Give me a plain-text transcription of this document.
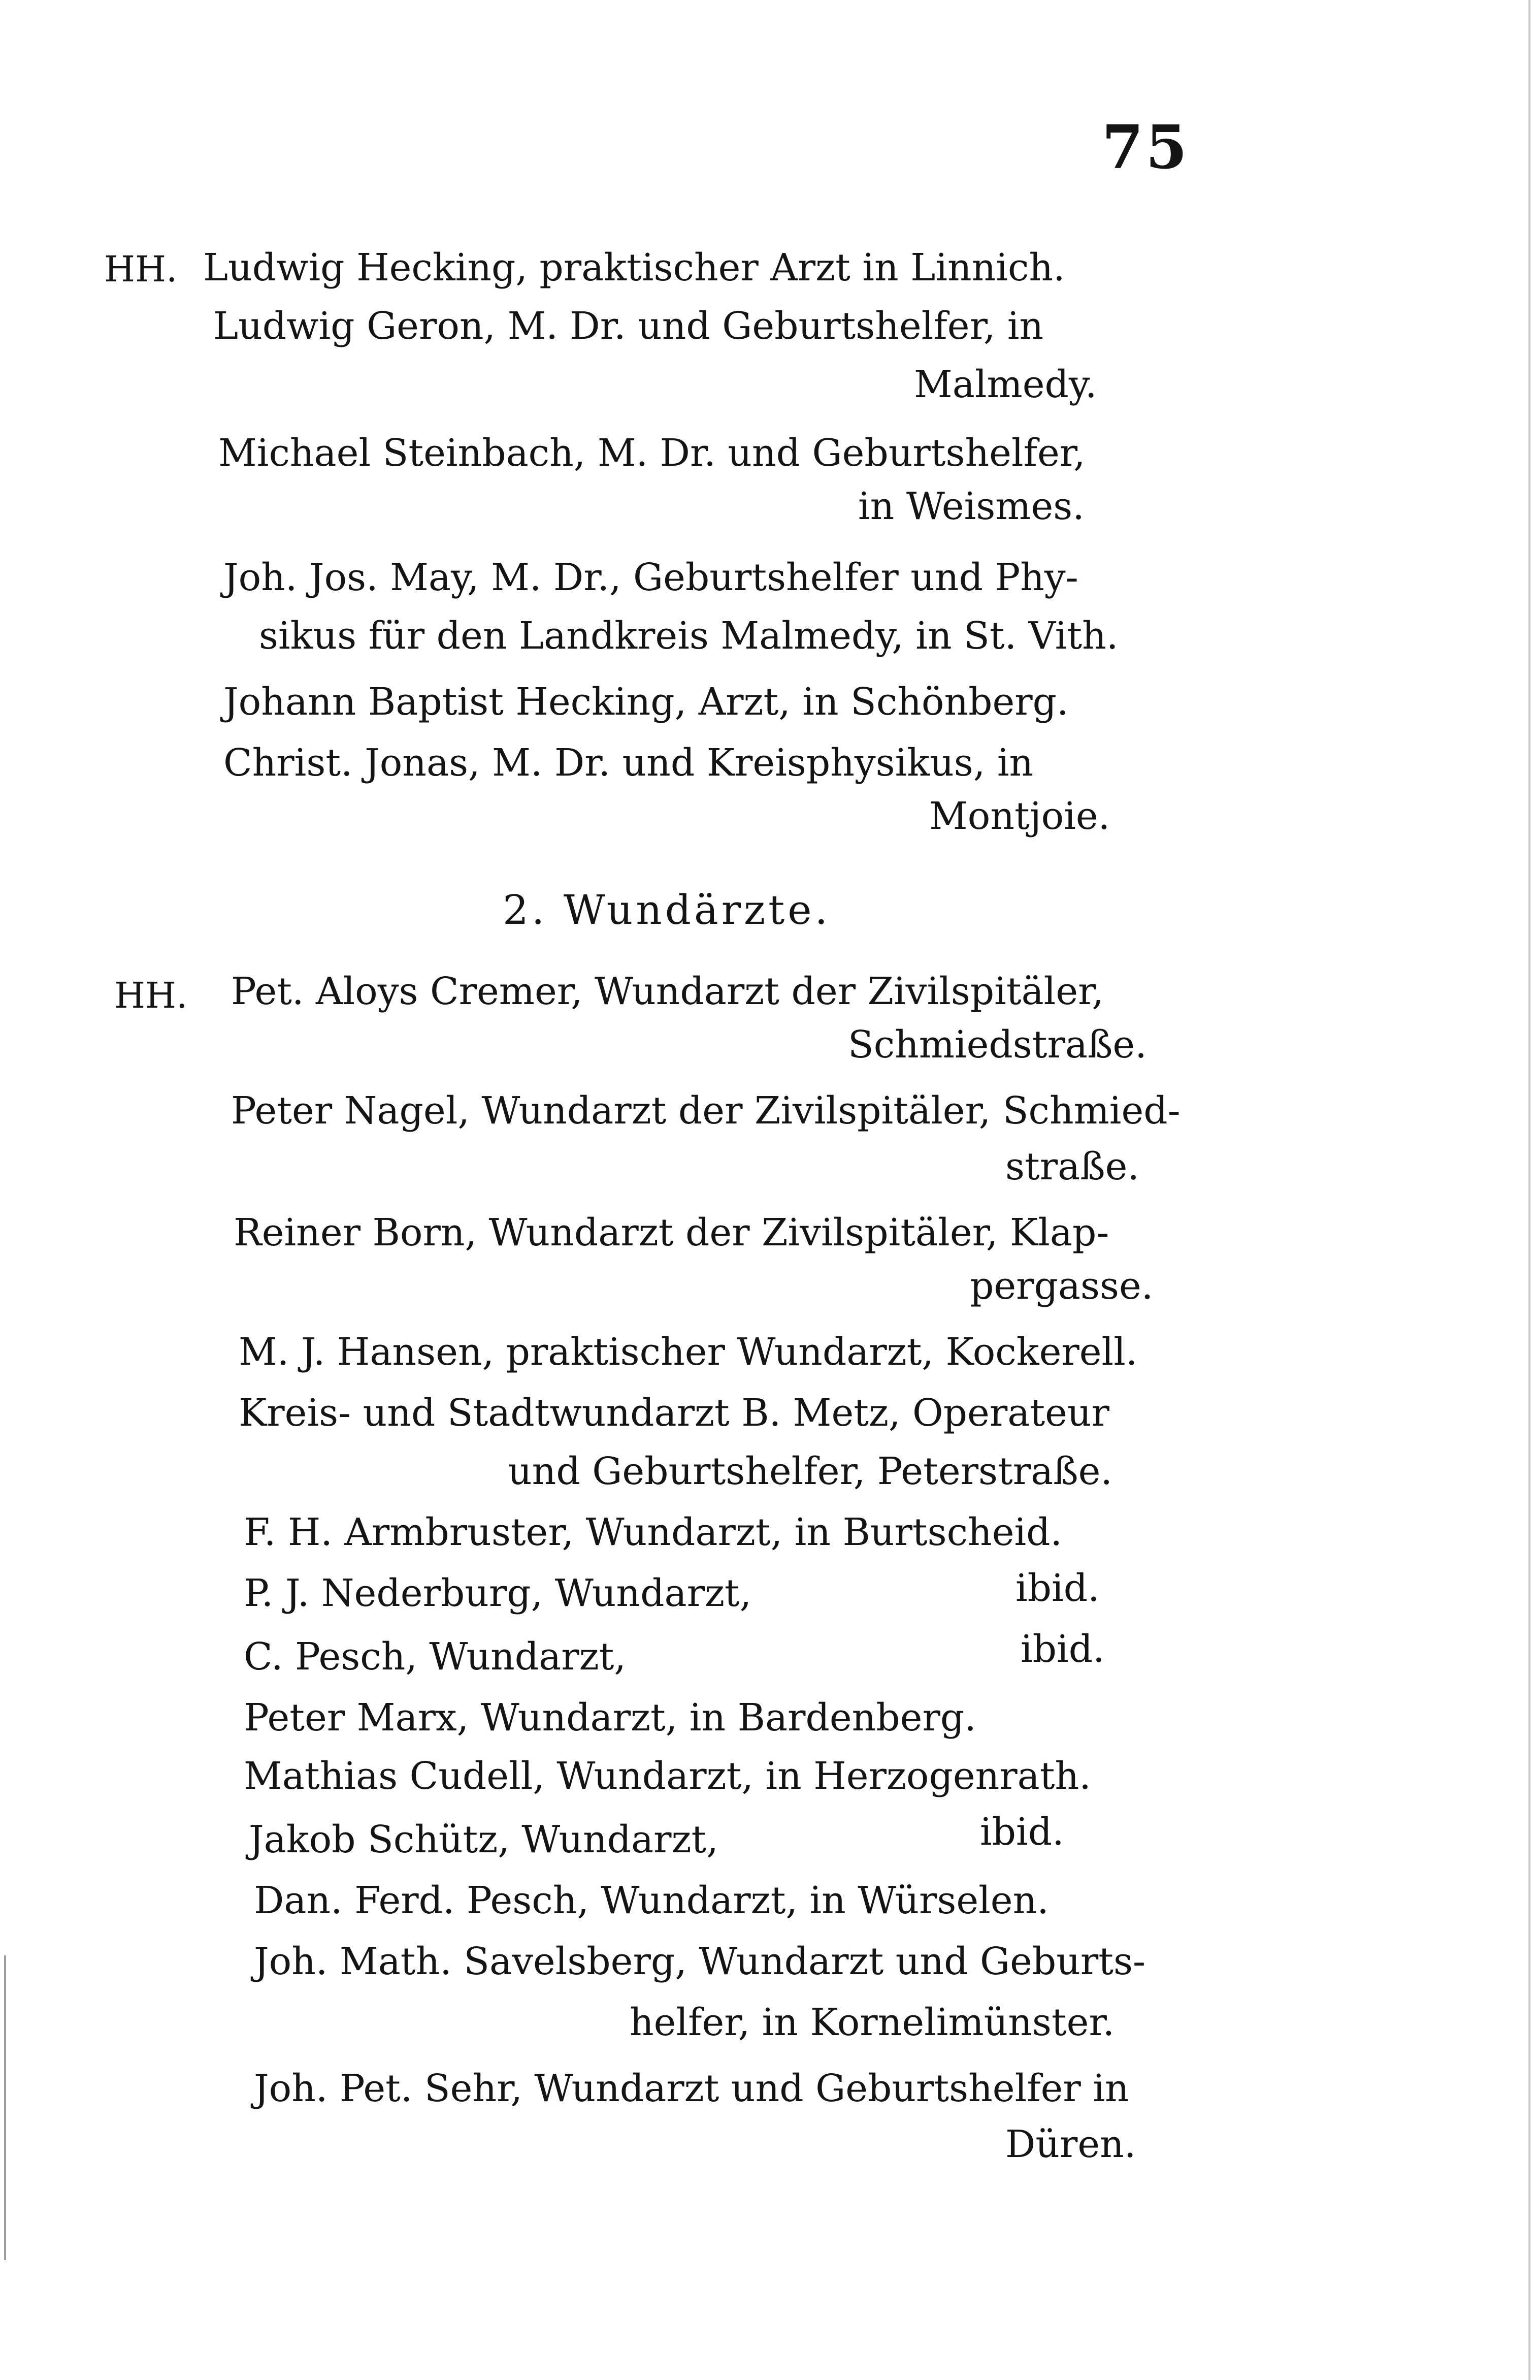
75
HH. Ludwig Hecking, praktischer Arzt in Linnich.
Ludwig Geron, M. Dr. und Geburtshelfer, in
Malmedy.
Michael Steinbach, M. Dr. und Geburtshelfer,
in Weismes.
Joh. Jos. May, M. Dr., Geburtshelfer und Phy-
sikus für den Landkreis Malmedy, in St. Vith.
Johann Baptist Hecking, Arzt, in Schönberg.
Christ. Jonas, M. Dr. und Kreisphysikus, in
Montjoie.
2. Wundärzte.
HH. Pet. Aloys Cremer, Wundarzt der Zivilspitäler,
Schmiedstraße.
Peter Nagel, Wundarzt der Zivilspitäler, Schmied-
straße.
Reiner Born, Wundarzt der Zivilspitäler, Klap-
pergasse.
M. J. Hansen, praktischer Wundarzt, Kockerell.
Kreis- und Stadtwundarzt B. Metz, Operateur
und Geburtshelfer, Peterstraße.
F. H. Armbruster, Wundarzt, in Burtscheid.
P. J. Nederburg, Wundarzt,	ibid.
C. Pesch, Wundarzt,	ibid.
Peter Marx, Wundarzt, in Bardenberg.
Mathias Cudell, Wundarzt, in Herzogenrath.
Jakob Schütz, Wundarzt,	ibid.
Dan. Ferd. Pesch, Wundarzt, in Würselen.
Joh. Math. Savelsberg, Wundarzt und Geburts-
helfer, in Kornelimünster.
Joh. Pet. Sehr, Wundarzt und Geburtshelfer in
Düren.
